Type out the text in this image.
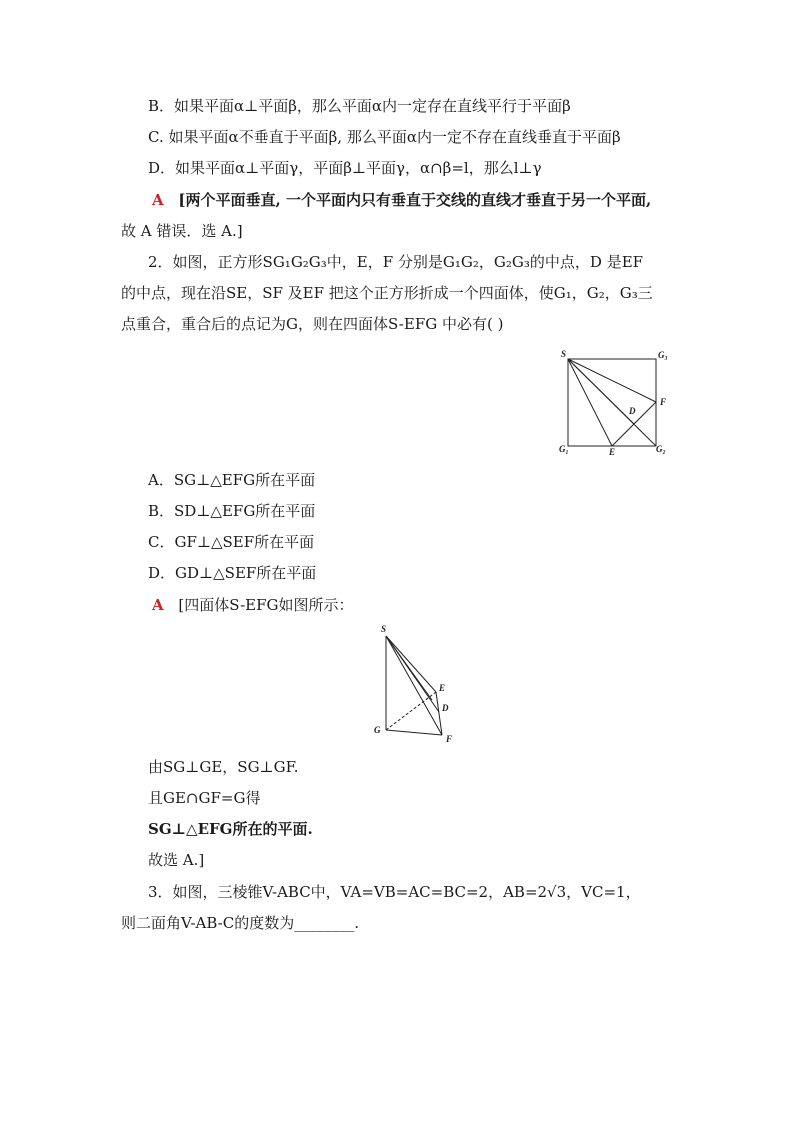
B．如果平面α⊥平面β，那么平面α内一定存在直线平行于平面β
C. 如果平面α不垂直于平面β, 那么平面α内一定不存在直线垂直于平面β
D．如果平面α⊥平面γ，平面β⊥平面γ，α∩β=l，那么l⊥γ
A [两个平面垂直, 一个平面内只有垂直于交线的直线才垂直于另一个平面,
故 A 错误．选 A.]
2．如图，正方形SG₁G₂G₃中，E，F 分别是G₁G₂，G₂G₃的中点，D 是EF
的中点，现在沿SE，SF 及EF 把这个正方形折成一个四面体，使G₁，G₂，G₃三
点重合，重合后的点记为G，则在四面体S-EFG 中必有( )
S	G₃
F
D
G₁	E	G₂
A．SG⊥△EFG所在平面
B．SD⊥△EFG所在平面
C．GF⊥△SEF所在平面
D．GD⊥△SEF所在平面
A [四面体S-EFG如图所示：
S
E
D
G
F
由SG⊥GE，SG⊥GF.
且GE∩GF=G得
SG⊥△EFG所在的平面.
故选 A.]
3．如图，三棱锥V-ABC中，VA=VB=AC=BC=2，AB=2√3，VC=1，
则二面角V-AB-C的度数为________.
